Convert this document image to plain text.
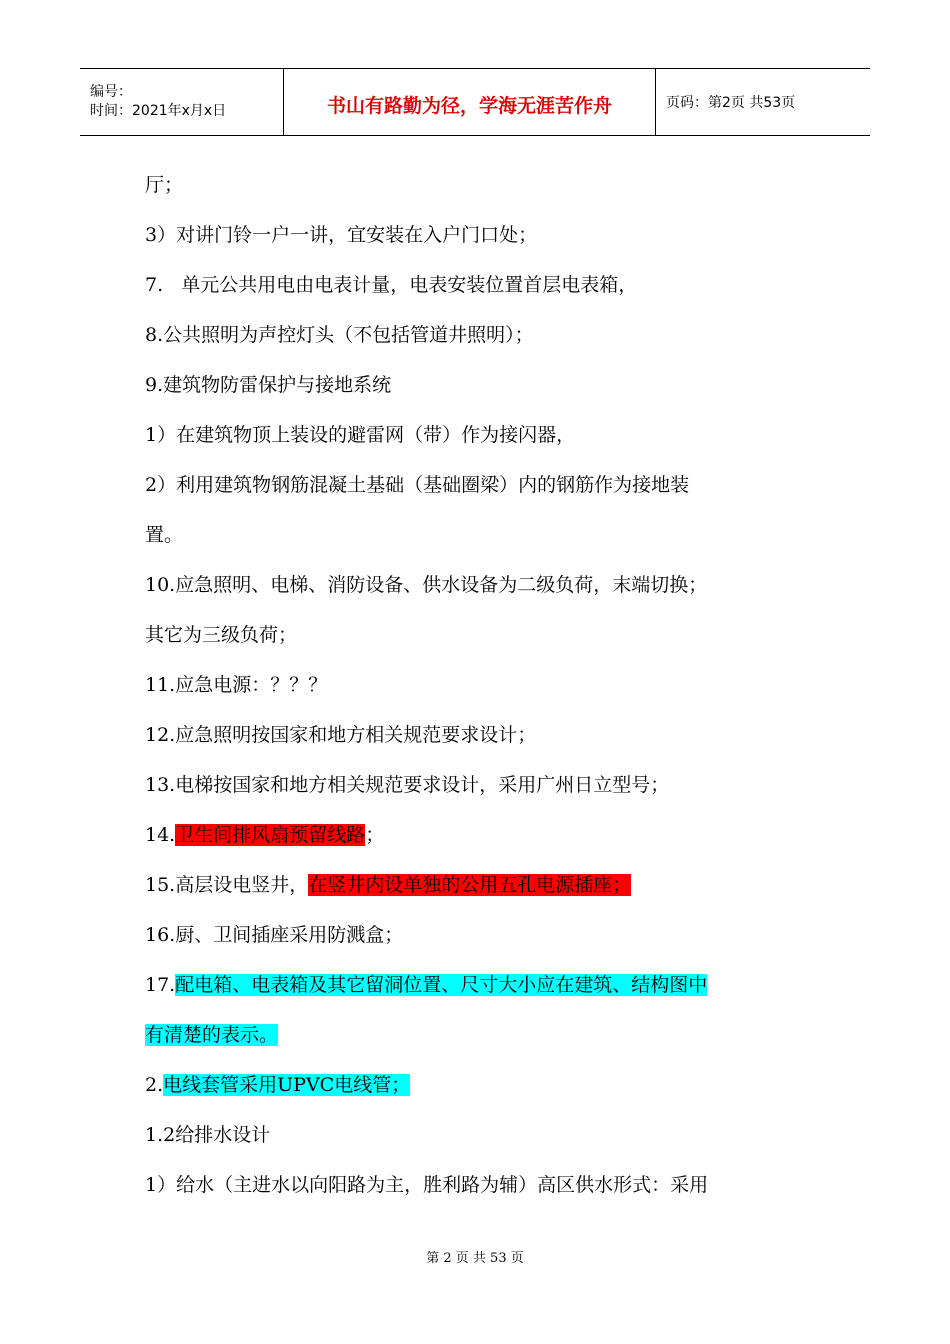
编号：
时间：2021年x月x日	书山有路勤为径，学海无涯苦作舟	页码：第2页 共53页
厅；
3）对讲门铃一户一讲，宜安装在入户门口处；
7.   单元公共用电由电表计量，电表安装位置首层电表箱，
8.公共照明为声控灯头（不包括管道井照明）；
9.建筑物防雷保护与接地系统
1）在建筑物顶上装设的避雷网（带）作为接闪器，
2）利用建筑物钢筋混凝土基础（基础圈梁）内的钢筋作为接地装
置。
10.应急照明、电梯、消防设备、供水设备为二级负荷，末端切换；
其它为三级负荷；
11.应急电源：？？？
12.应急照明按国家和地方相关规范要求设计；
13.电梯按国家和地方相关规范要求设计，采用广州日立型号；
14.卫生间排风扇预留线路；
15.高层设电竖井，在竖井内设单独的公用五孔电源插座；
16.厨、卫间插座采用防溅盒；
17.配电箱、电表箱及其它留洞位置、尺寸大小应在建筑、结构图中
有清楚的表示。
2.电线套管采用UPVC电线管；
1.2给排水设计
1）给水（主进水以向阳路为主，胜利路为辅）高区供水形式：采用
第 2 页 共 53 页
